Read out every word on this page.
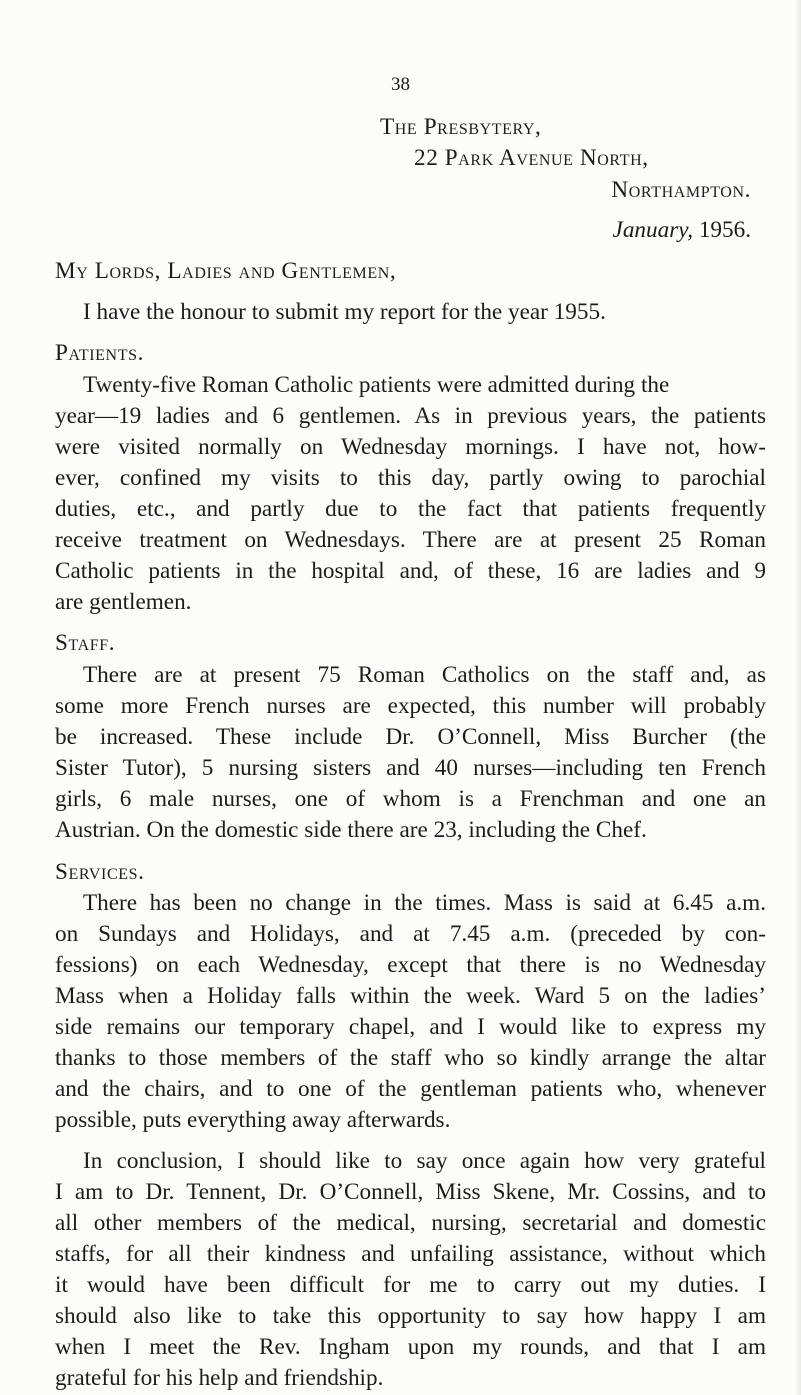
38
The Presbytery,
22 Park Avenue North,
Northampton.
January, 1956.
My Lords, Ladies and Gentlemen,
I have the honour to submit my report for the year 1955.
Patients.
Twenty-five Roman Catholic patients were admitted during the
year—19 ladies and 6 gentlemen. As in previous years, the patients
were visited normally on Wednesday mornings. I have not, how-
ever, confined my visits to this day, partly owing to parochial
duties, etc., and partly due to the fact that patients frequently
receive treatment on Wednesdays. There are at present 25 Roman
Catholic patients in the hospital and, of these, 16 are ladies and 9
are gentlemen.
Staff.
There are at present 75 Roman Catholics on the staff and, as
some more French nurses are expected, this number will probably
be increased. These include Dr. O’Connell, Miss Burcher (the
Sister Tutor), 5 nursing sisters and 40 nurses—including ten French
girls, 6 male nurses, one of whom is a Frenchman and one an
Austrian. On the domestic side there are 23, including the Chef.
Services.
There has been no change in the times. Mass is said at 6.45 a.m.
on Sundays and Holidays, and at 7.45 a.m. (preceded by con-
fessions) on each Wednesday, except that there is no Wednesday
Mass when a Holiday falls within the week. Ward 5 on the ladies’
side remains our temporary chapel, and I would like to express my
thanks to those members of the staff who so kindly arrange the altar
and the chairs, and to one of the gentleman patients who, whenever
possible, puts everything away afterwards.
In conclusion, I should like to say once again how very grateful
I am to Dr. Tennent, Dr. O’Connell, Miss Skene, Mr. Cossins, and to
all other members of the medical, nursing, secretarial and domestic
staffs, for all their kindness and unfailing assistance, without which
it would have been difficult for me to carry out my duties. I
should also like to take this opportunity to say how happy I am
when I meet the Rev. Ingham upon my rounds, and that I am
grateful for his help and friendship.
